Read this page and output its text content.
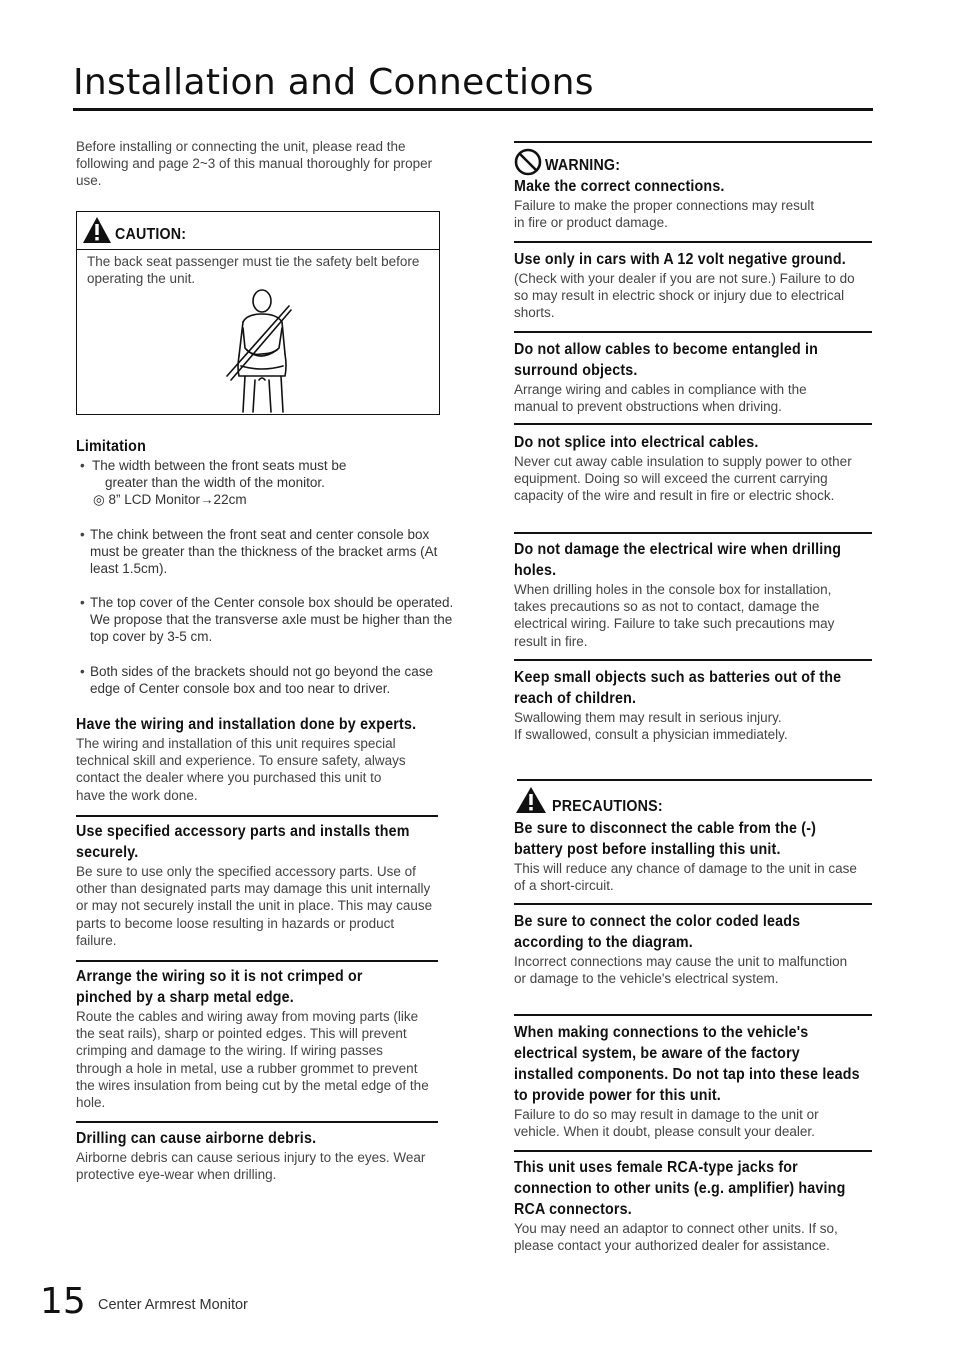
Installation and Connections

Before installing or connecting the unit, please read the following and page 2~3 of this manual thoroughly for proper use.

CAUTION:

The back seat passenger must tie the safety belt before operating the unit.

Limitation

• The width between the front seats must be

greater than the width of the monitor.

◎ 8” LCD Monitor→22cm

• The chink between the front seat and center console box must be greater than the thickness of the bracket arms (At least 1.5cm).

• The top cover of the Center console box should be operated. We propose that the transverse axle must be higher than the top cover by 3-5 cm.

• Both sides of the brackets should not go beyond the case edge of Center console box and too near to driver.

Have the wiring and installation done by experts.

The wiring and installation of this unit requires special technical skill and experience. To ensure safety, always contact the dealer where you purchased this unit to have the work done.

Use specified accessory parts and installs them

securely.

Be sure to use only the specified accessory parts. Use of other than designated parts may damage this unit internally or may not securely install the unit in place. This may cause parts to become loose resulting in hazards or product failure.

Arrange the wiring so it is not crimped or

pinched by a sharp metal edge.

Route the cables and wiring away from moving parts (like the seat rails), sharp or pointed edges. This will prevent crimping and damage to the wiring. If wiring passes through a hole in metal, use a rubber grommet to prevent the wires insulation from being cut by the metal edge of the hole.

Drilling can cause airborne debris.

Airborne debris can cause serious injury to the eyes. Wear protective eye-wear when drilling.

WARNING:

Make the correct connections.

Failure to make the proper connections may result in fire or product damage.

Use only in cars with A 12 volt negative ground.

(Check with your dealer if you are not sure.) Failure to do so may result in electric shock or injury due to electrical shorts.

Do not allow cables to become entangled in

surround objects.

Arrange wiring and cables in compliance with the manual to prevent obstructions when driving.

Do not splice into electrical cables.

Never cut away cable insulation to supply power to other equipment. Doing so will exceed the current carrying capacity of the wire and result in fire or electric shock.

Do not damage the electrical wire when drilling

holes.

When drilling holes in the console box for installation, takes precautions so as not to contact, damage the electrical wiring. Failure to take such precautions may result in fire.

Keep small objects such as batteries out of the

reach of children.

Swallowing them may result in serious injury.

If swallowed, consult a physician immediately.

PRECAUTIONS:

Be sure to disconnect the cable from the (-)

battery post before installing this unit.

This will reduce any chance of damage to the unit in case of a short-circuit.

Be sure to connect the color coded leads

according to the diagram.

Incorrect connections may cause the unit to malfunction or damage to the vehicle's electrical system.

When making connections to the vehicle's

electrical system, be aware of the factory

installed components. Do not tap into these leads

to provide power for this unit.

Failure to do so may result in damage to the unit or vehicle. When it doubt, please consult your dealer.

This unit uses female RCA-type jacks for

connection to other units (e.g. amplifier) having

RCA connectors.

You may need an adaptor to connect other units. If so, please contact your authorized dealer for assistance.

15 Center Armrest Monitor
